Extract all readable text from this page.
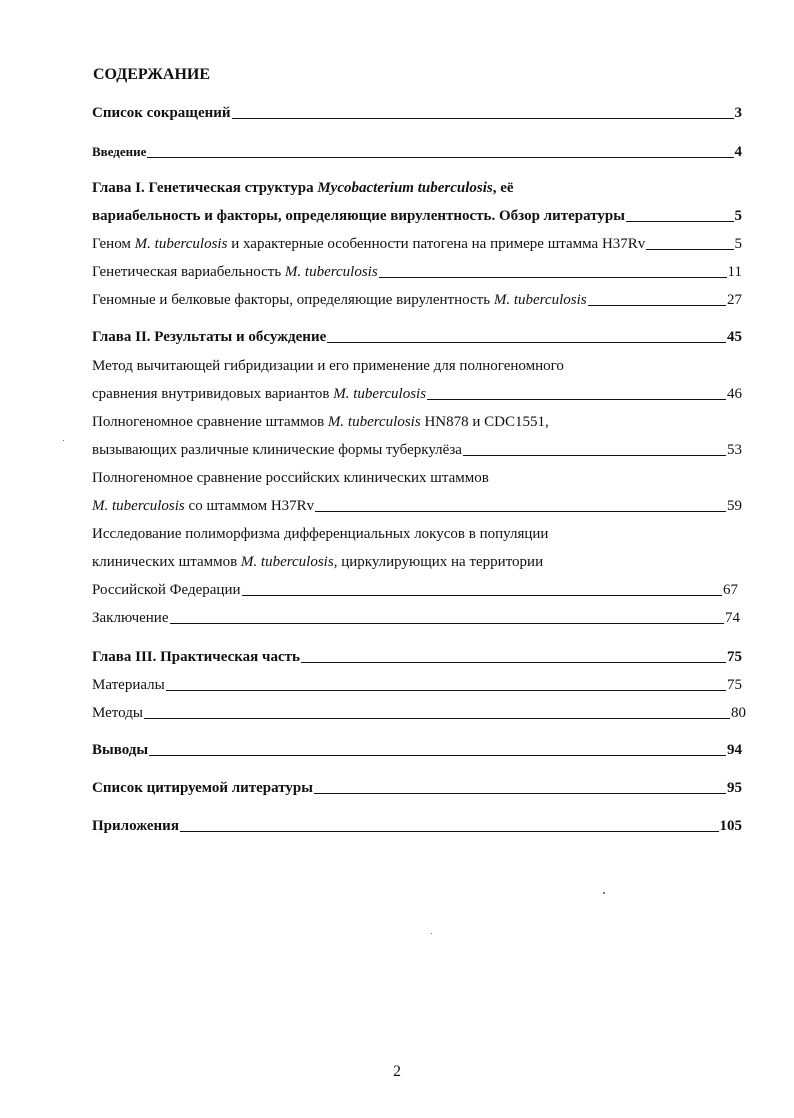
СОДЕРЖАНИЕ
Список сокращений	3
Введение	4
Глава I. Генетическая структура Mycobacterium tuberculosis, её
вариабельность и факторы, определяющие вирулентность. Обзор литературы	5
Геном M. tuberculosis и характерные особенности патогена на примере штамма H37Rv	5
Генетическая вариабельность M. tuberculosis	11
Геномные и белковые факторы, определяющие вирулентность M. tuberculosis	27
Глава II. Результаты и обсуждение	45
Метод вычитающей гибридизации и его применение для полногеномного
сравнения внутривидовых вариантов M. tuberculosis	46
Полногеномное сравнение штаммов M. tuberculosis HN878 и CDC1551,
вызывающих различные клинические формы туберкулёза	53
Полногеномное сравнение российских клинических штаммов
M. tuberculosis со штаммом H37Rv	59
Исследование полиморфизма дифференциальных локусов в популяции
клинических штаммов M. tuberculosis, циркулирующих на территории
Российской Федерации	67
Заключение	74
Глава III. Практическая часть	75
Материалы	75
Методы	80
Выводы	94
Список цитируемой литературы	95
Приложения	105
2
